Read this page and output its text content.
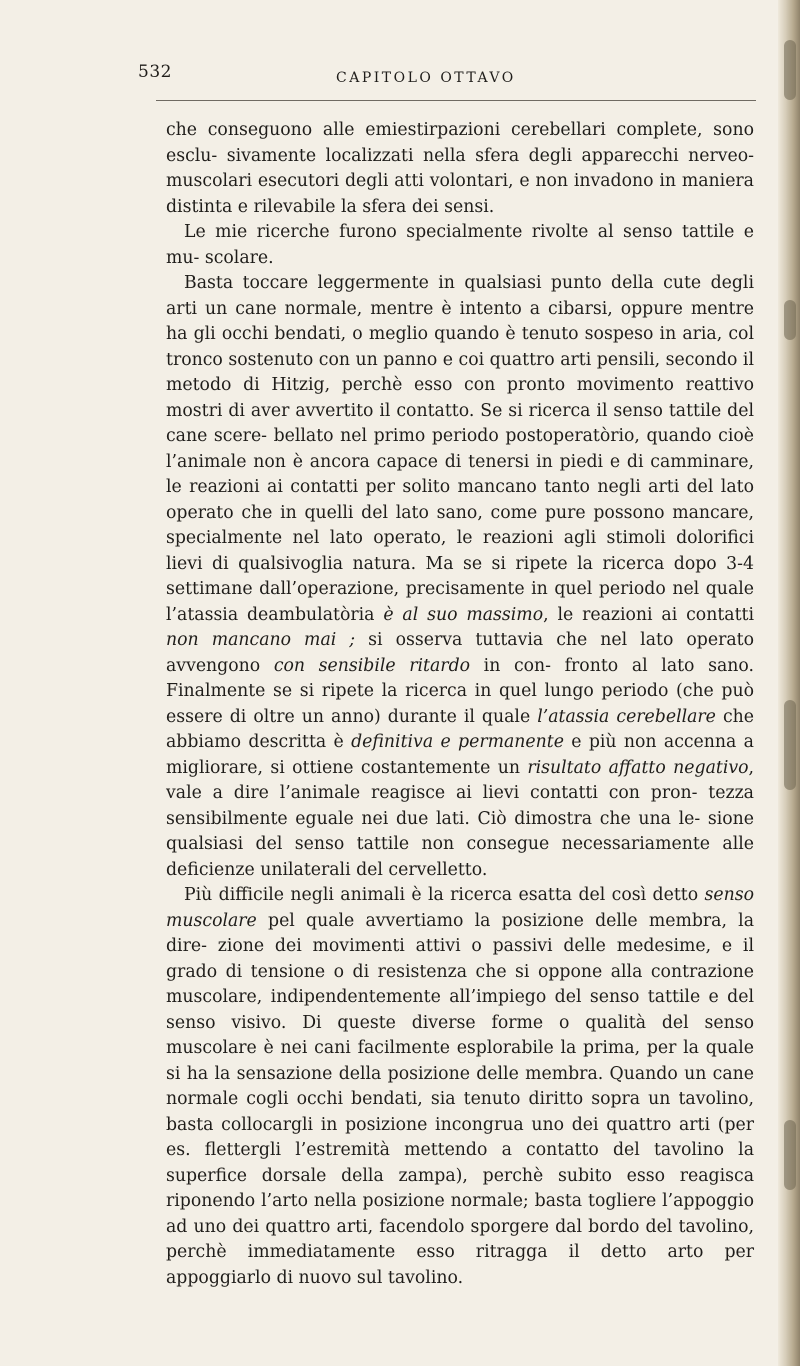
532	CAPITOLO OTTAVO

che conseguono alle emiestirpazioni cerebellari complete, sono esclu- sivamente localizzati nella sfera degli apparecchi nerveo-muscolari esecutori degli atti volontari, e non invadono in maniera distinta e rilevabile la sfera dei sensi.

Le mie ricerche furono specialmente rivolte al senso tattile e mu- scolare.

Basta toccare leggermente in qualsiasi punto della cute degli arti un cane normale, mentre è intento a cibarsi, oppure mentre ha gli occhi bendati, o meglio quando è tenuto sospeso in aria, col tronco sostenuto con un panno e coi quattro arti pensili, secondo il metodo di Hitzig, perchè esso con pronto movimento reattivo mostri di aver avvertito il contatto. Se si ricerca il senso tattile del cane scere- bellato nel primo periodo postoperatòrio, quando cioè l’animale non è ancora capace di tenersi in piedi e di camminare, le reazioni ai contatti per solito mancano tanto negli arti del lato operato che in quelli del lato sano, come pure possono mancare, specialmente nel lato operato, le reazioni agli stimoli dolorifici lievi di qualsivoglia natura. Ma se si ripete la ricerca dopo 3-4 settimane dall’operazione, precisamente in quel periodo nel quale l’atassia deambulatòria è al suo massimo, le reazioni ai contatti non mancano mai ; si osserva tuttavia che nel lato operato avvengono con sensibile ritardo in con- fronto al lato sano. Finalmente se si ripete la ricerca in quel lungo periodo (che può essere di oltre un anno) durante il quale l’atassia cerebellare che abbiamo descritta è definitiva e permanente e più non accenna a migliorare, si ottiene costantemente un risultato affatto negativo, vale a dire l’animale reagisce ai lievi contatti con pron- tezza sensibilmente eguale nei due lati. Ciò dimostra che una le- sione qualsiasi del senso tattile non consegue necessariamente alle deficienze unilaterali del cervelletto.

Più difficile negli animali è la ricerca esatta del così detto senso muscolare pel quale avvertiamo la posizione delle membra, la dire- zione dei movimenti attivi o passivi delle medesime, e il grado di tensione o di resistenza che si oppone alla contrazione muscolare, indipendentemente all’impiego del senso tattile e del senso visivo. Di queste diverse forme o qualità del senso muscolare è nei cani facilmente esplorabile la prima, per la quale si ha la sensazione della posizione delle membra. Quando un cane normale cogli occhi bendati, sia tenuto diritto sopra un tavolino, basta collocargli in posizione incongrua uno dei quattro arti (per es. flettergli l’estremità mettendo a contatto del tavolino la superfice dorsale della zampa), perchè subito esso reagisca riponendo l’arto nella posizione normale; basta togliere l’appoggio ad uno dei quattro arti, facendolo sporgere dal bordo del tavolino, perchè immediatamente esso ritragga il detto arto per appoggiarlo di nuovo sul tavolino.
